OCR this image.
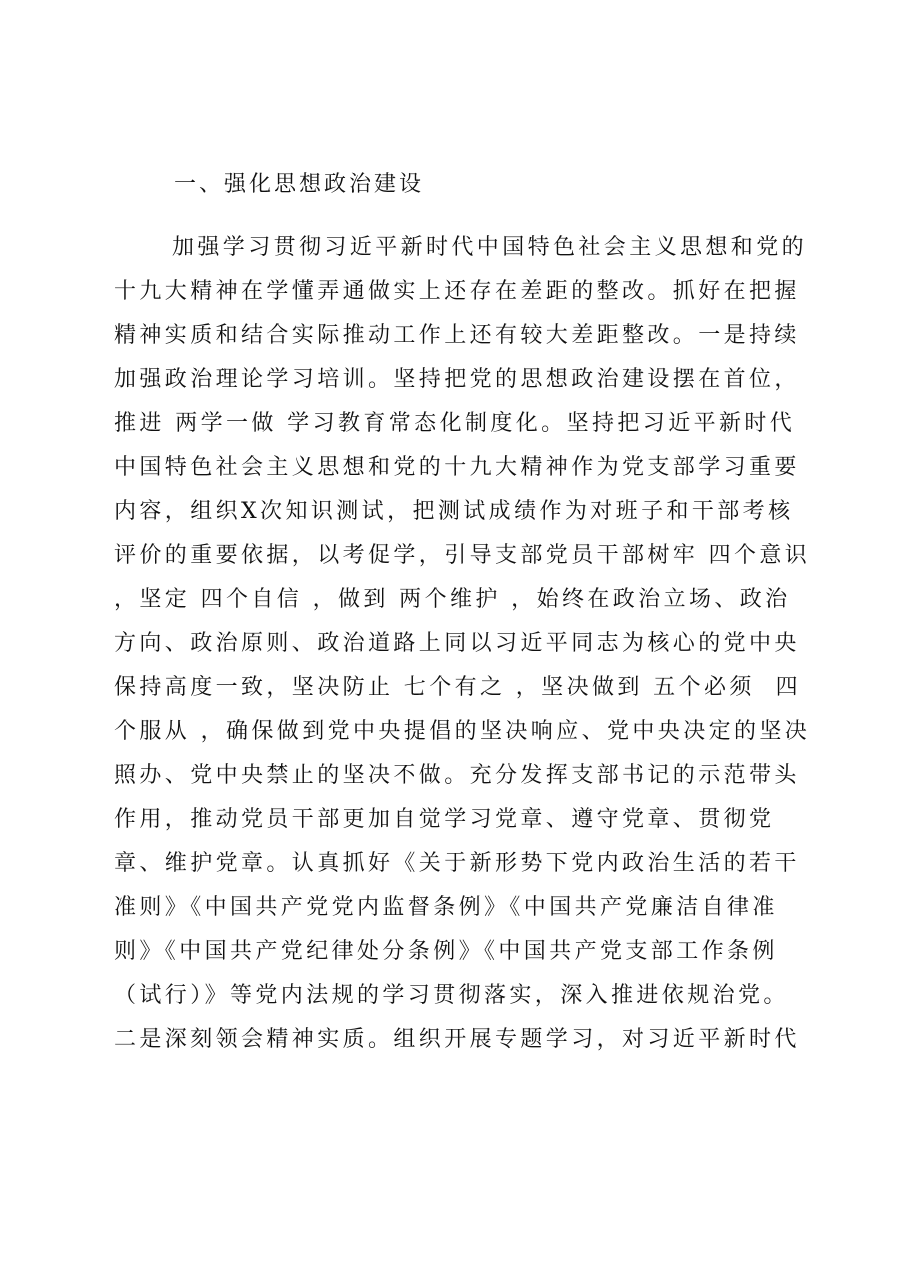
一、强化思想政治建设
加强学习贯彻习近平新时代中国特色社会主义思想和党的
十九大精神在学懂弄通做实上还存在差距的整改。抓好在把握
精神实质和结合实际推动工作上还有较大差距整改。一是持续
加强政治理论学习培训。坚持把党的思想政治建设摆在首位，
推进 两学一做 学习教育常态化制度化。坚持把习近平新时代
中国特色社会主义思想和党的十九大精神作为党支部学习重要
内容，组织X次知识测试，把测试成绩作为对班子和干部考核
评价的重要依据，以考促学，引导支部党员干部树牢 四个意识
，坚定 四个自信 ，做到 两个维护 ，始终在政治立场、政治
方向、政治原则、政治道路上同以习近平同志为核心的党中央
保持高度一致，坚决防止 七个有之 ，坚决做到 五个必须  四
个服从 ，确保做到党中央提倡的坚决响应、党中央决定的坚决
照办、党中央禁止的坚决不做。充分发挥支部书记的示范带头
作用，推动党员干部更加自觉学习党章、遵守党章、贯彻党
章、维护党章。认真抓好《关于新形势下党内政治生活的若干
准则》《中国共产党党内监督条例》《中国共产党廉洁自律准
则》《中国共产党纪律处分条例》《中国共产党支部工作条例
（试行）》等党内法规的学习贯彻落实，深入推进依规治党。
二是深刻领会精神实质。组织开展专题学习，对习近平新时代
